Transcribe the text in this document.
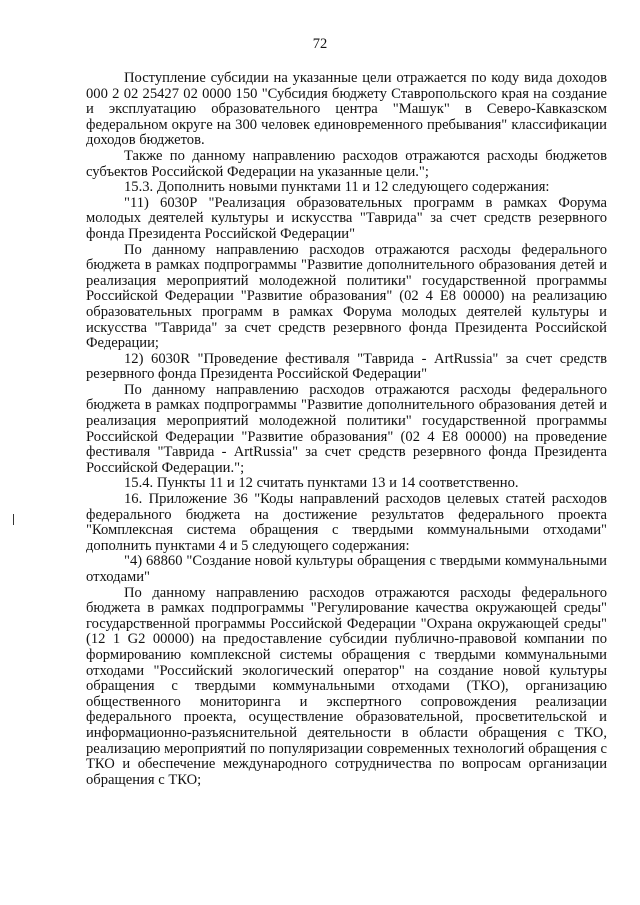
72

Поступление субсидии на указанные цели отражается по коду вида доходов 000 2 02 25427 02 0000 150 "Субсидия бюджету Ставропольского края на создание и эксплуатацию образовательного центра "Машук" в Северо-Кавказском федеральном округе на 300 человек единовременного пребывания" классификации доходов бюджетов.

Также по данному направлению расходов отражаются расходы бюджетов субъектов Российской Федерации на указанные цели.";

15.3. Дополнить новыми пунктами 11 и 12 следующего содержания:

"11) 6030Р "Реализация образовательных программ в рамках Форума молодых деятелей культуры и искусства "Таврида" за счет средств резервного фонда Президента Российской Федерации"

По данному направлению расходов отражаются расходы федерального бюджета в рамках подпрограммы "Развитие дополнительного образования детей и реализация мероприятий молодежной политики" государственной программы Российской Федерации "Развитие образования" (02 4 Е8 00000) на реализацию образовательных программ в рамках Форума молодых деятелей культуры и искусства "Таврида" за счет средств резервного фонда Президента Российской Федерации;

12) 6030R "Проведение фестиваля "Таврида - ArtRussia" за счет средств резервного фонда Президента Российской Федерации"

По данному направлению расходов отражаются расходы федерального бюджета в рамках подпрограммы "Развитие дополнительного образования детей и реализация мероприятий молодежной политики" государственной программы Российской Федерации "Развитие образования" (02 4 Е8 00000) на проведение фестиваля "Таврида - ArtRussia" за счет средств резервного фонда Президента Российской Федерации.";

15.4. Пункты 11 и 12 считать пунктами 13 и 14 соответственно.

16. Приложение 36 "Коды направлений расходов целевых статей расходов федерального бюджета на достижение результатов федерального проекта "Комплексная система обращения с твердыми коммунальными отходами" дополнить пунктами 4 и 5 следующего содержания:

"4) 68860 "Создание новой культуры обращения с твердыми коммунальными отходами"

По данному направлению расходов отражаются расходы федерального бюджета в рамках подпрограммы "Регулирование качества окружающей среды" государственной программы Российской Федерации "Охрана окружающей среды" (12 1 G2 00000) на предоставление субсидии публично-правовой компании по формированию комплексной системы обращения с твердыми коммунальными отходами "Российский экологический оператор" на создание новой культуры обращения с твердыми коммунальными отходами (ТКО), организацию общественного мониторинга и экспертного сопровождения реализации федерального проекта, осуществление образовательной, просветительской и информационно-разъяснительной деятельности в области обращения с ТКО, реализацию мероприятий по популяризации современных технологий обращения с ТКО и обеспечение международного сотрудничества по вопросам организации обращения с ТКО;
